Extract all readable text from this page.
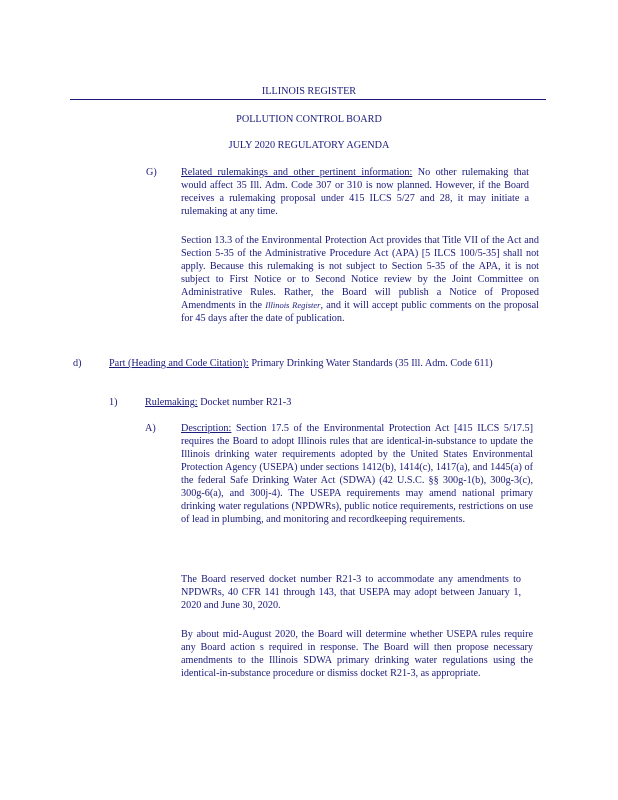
ILLINOIS REGISTER
POLLUTION CONTROL BOARD
JULY 2020 REGULATORY AGENDA
G) Related rulemakings and other pertinent information: No other rulemaking that would affect 35 Ill. Adm. Code 307 or 310 is now planned. However, if the Board receives a rulemaking proposal under 415 ILCS 5/27 and 28, it may initiate a rulemaking at any time.
Section 13.3 of the Environmental Protection Act provides that Title VII of the Act and Section 5-35 of the Administrative Procedure Act (APA) [5 ILCS 100/5-35] shall not apply. Because this rulemaking is not subject to Section 5-35 of the APA, it is not subject to First Notice or to Second Notice review by the Joint Committee on Administrative Rules. Rather, the Board will publish a Notice of Proposed Amendments in the Illinois Register, and it will accept public comments on the proposal for 45 days after the date of publication.
d)	Part (Heading and Code Citation): Primary Drinking Water Standards (35 Ill. Adm. Code 611)
1)	Rulemaking: Docket number R21-3
A) Description: Section 17.5 of the Environmental Protection Act [415 ILCS 5/17.5] requires the Board to adopt Illinois rules that are identical-in-substance to update the Illinois drinking water requirements adopted by the United States Environmental Protection Agency (USEPA) under sections 1412(b), 1414(c), 1417(a), and 1445(a) of the federal Safe Drinking Water Act (SDWA) (42 U.S.C. §§ 300g-1(b), 300g-3(c), 300g-6(a), and 300j-4). The USEPA requirements may amend national primary drinking water regulations (NPDWRs), public notice requirements, restrictions on use of lead in plumbing, and monitoring and recordkeeping requirements.
The Board reserved docket number R21-3 to accommodate any amendments to NPDWRs, 40 CFR 141 through 143, that USEPA may adopt between January 1, 2020 and June 30, 2020.
By about mid-August 2020, the Board will determine whether USEPA rules require any Board action s required in response. The Board will then propose necessary amendments to the Illinois SDWA primary drinking water regulations using the identical-in-substance procedure or dismiss docket R21-3, as appropriate.
